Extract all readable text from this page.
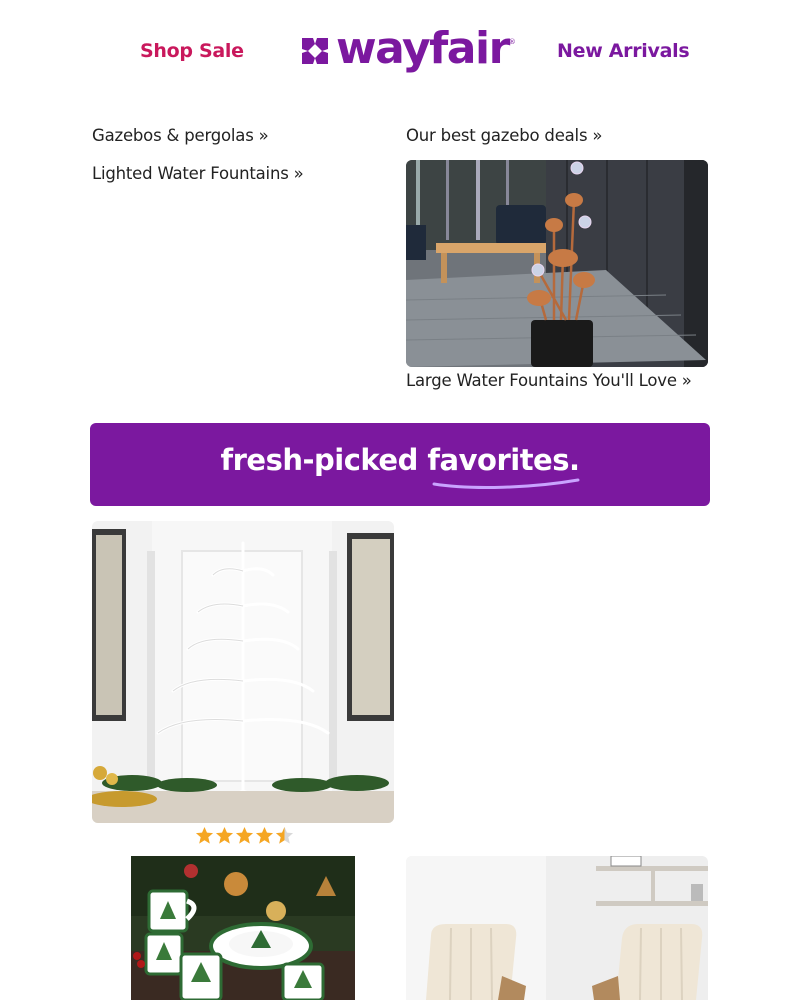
Shop Sale wayfair ® New Arrivals
Gazebos & pergolas »
Lighted Water Fountains »
Our best gazebo deals »
Large Water Fountains You'll Love »
fresh-picked favorites.
